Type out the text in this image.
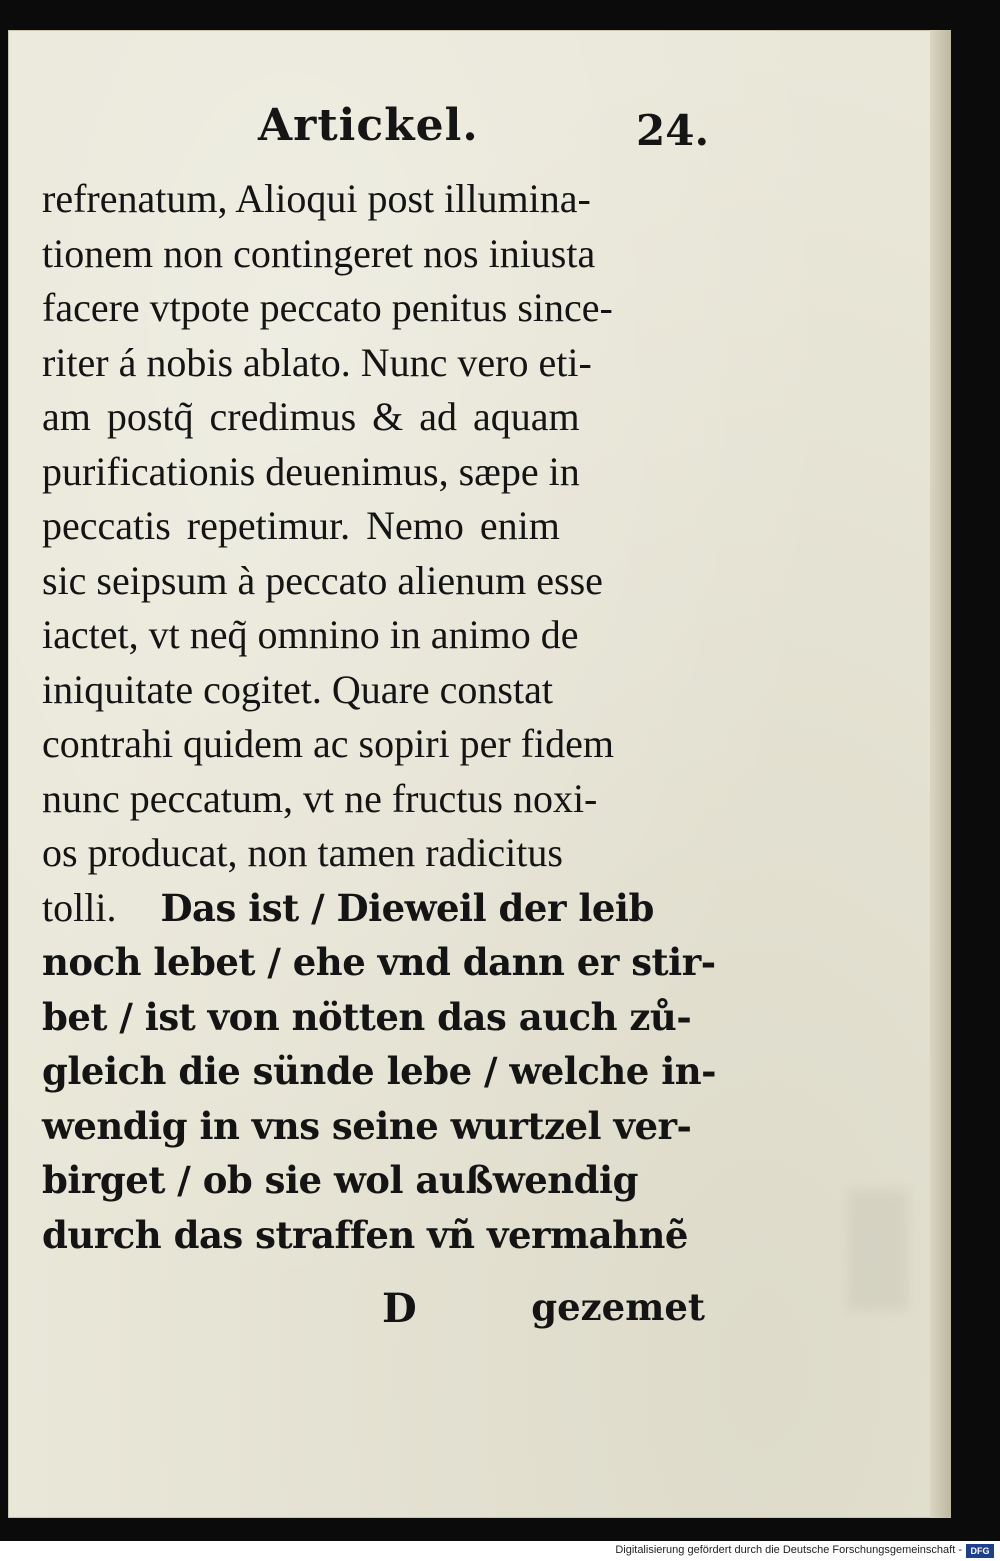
Artickel.	24.
refrenatum, Alioqui post illumina-
tionem non contingeret nos iniusta
facere vtpote peccato penitus since-
riter á nobis ablato. Nunc vero eti-
am postq̃ credimus & ad aquam
purificationis deuenimus, sæpe in
peccatis repetimur. Nemo enim
sic seipsum à peccato alienum esse
iactet, vt neq̃ omnino in animo de
iniquitate cogitet. Quare constat
contrahi quidem ac sopiri per fidem
nunc peccatum, vt ne fructus noxi-
os producat, non tamen radicitus
tolli. Das ist / Dieweil der leib
noch lebet / ehe vnd dann er stir-
bet / ist von nötten das auch zů-
gleich die sünde lebe / welche in-
wendig in vns seine wurtzel ver-
birget / ob sie wol außwendig
durch das straffen vñ vermahnẽ
D	gezemet
Digitalisierung gefördert durch die Deutsche Forschungsgemeinschaft - DFG
